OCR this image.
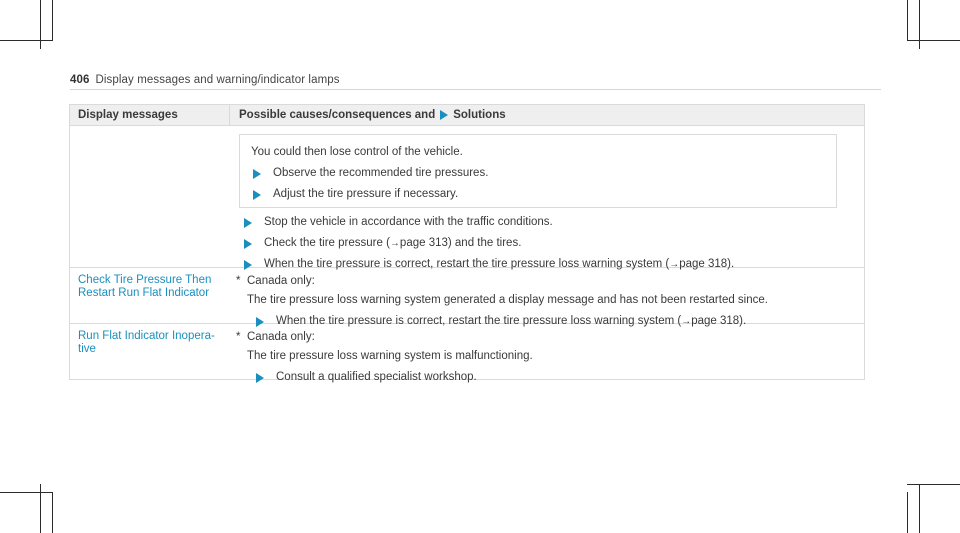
406 Display messages and warning/indicator lamps
Display messages	Possible causes/consequences and Solutions
You could then lose control of the vehicle.
Observe the recommended tire pressures.
Adjust the tire pressure if necessary.
Stop the vehicle in accordance with the traffic conditions.
Check the tire pressure ( → page 313) and the tires.
When the tire pressure is correct, restart the tire pressure loss warning system ( → page 318).
Check Tire Pressure Then
Restart Run Flat Indicator
* Canada only:
The tire pressure loss warning system generated a display message and has not been restarted since.
When the tire pressure is correct, restart the tire pressure loss warning system ( → page 318).
Run Flat Indicator Inopera-
tive
* Canada only:
The tire pressure loss warning system is malfunctioning.
Consult a qualified specialist workshop.
